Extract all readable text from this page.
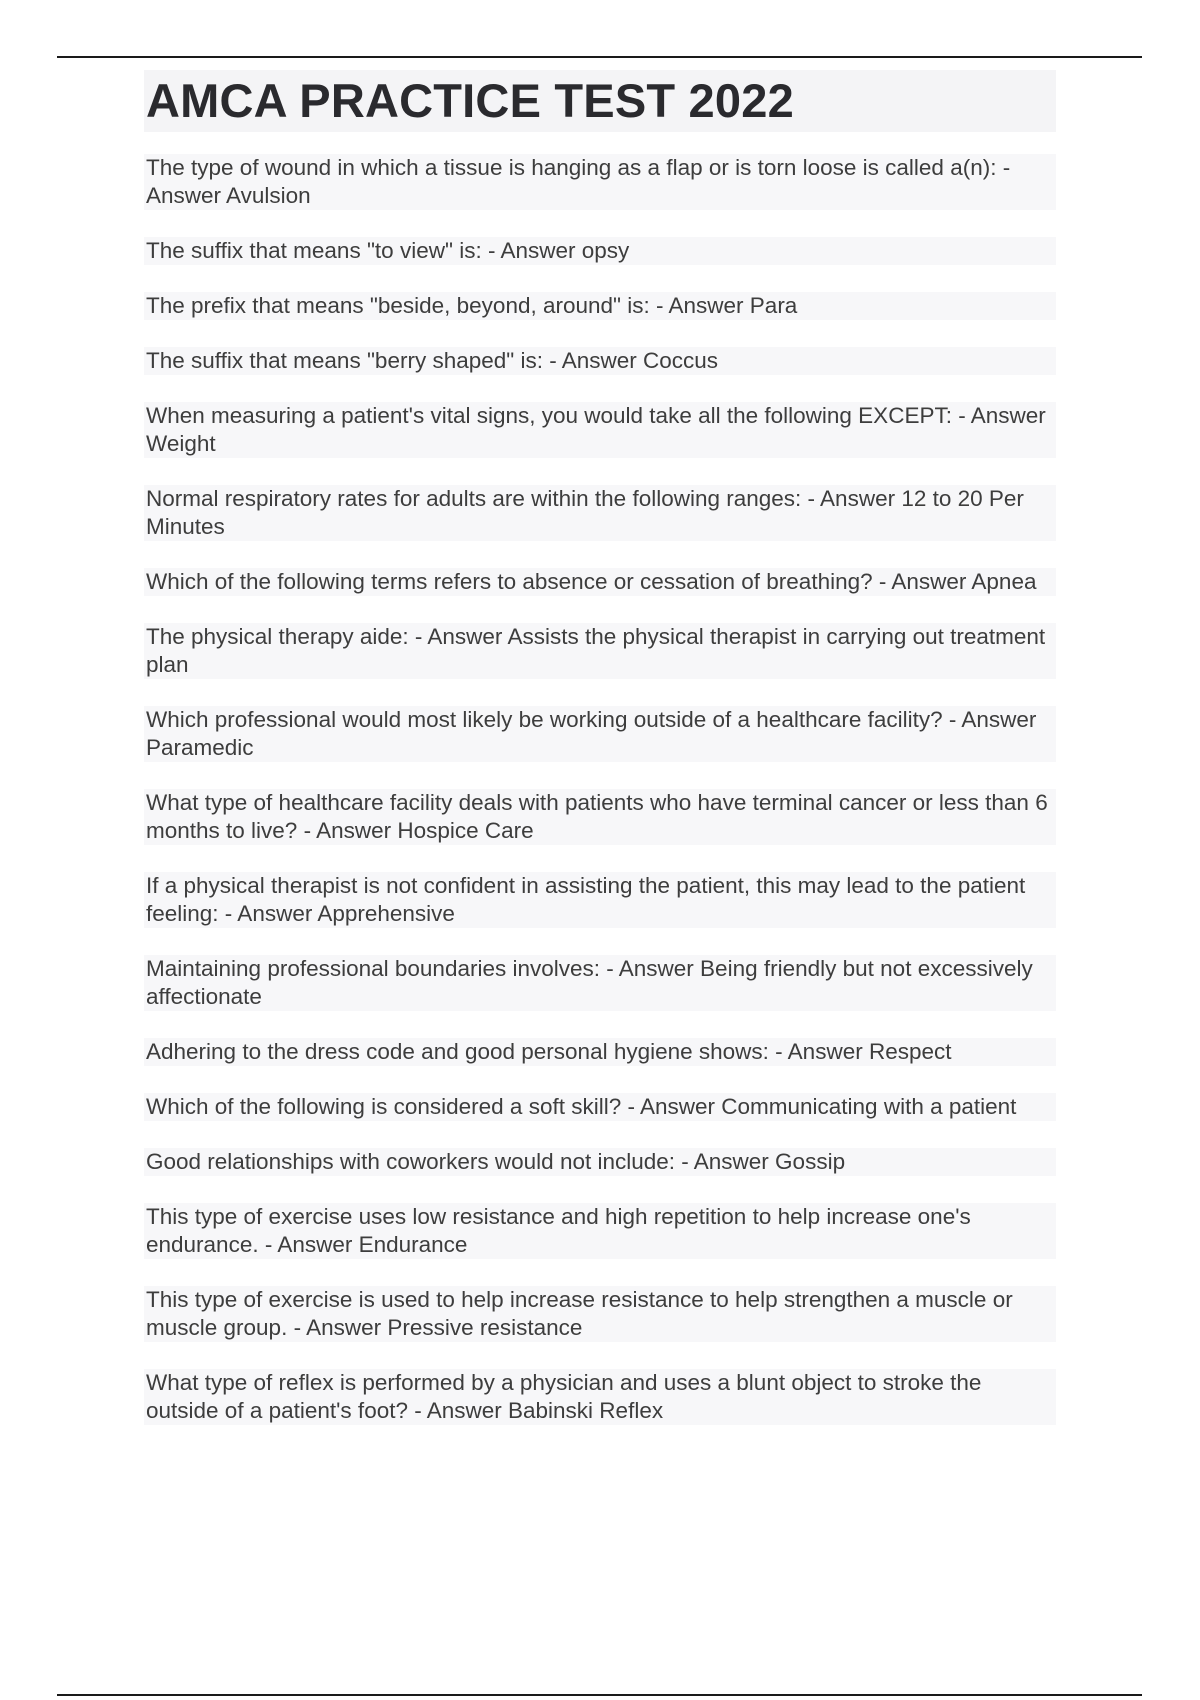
AMCA PRACTICE TEST 2022
The type of wound in which a tissue is hanging as a flap or is torn loose is called a(n): - Answer Avulsion
The suffix that means "to view" is: - Answer opsy
The prefix that means "beside, beyond, around" is: - Answer Para
The suffix that means "berry shaped" is: - Answer Coccus
When measuring a patient's vital signs, you would take all the following EXCEPT: - Answer Weight
Normal respiratory rates for adults are within the following ranges: - Answer 12 to 20 Per Minutes
Which of the following terms refers to absence or cessation of breathing? - Answer Apnea
The physical therapy aide: - Answer Assists the physical therapist in carrying out treatment plan
Which professional would most likely be working outside of a healthcare facility? - Answer Paramedic
What type of healthcare facility deals with patients who have terminal cancer or less than 6 months to live? - Answer Hospice Care
If a physical therapist is not confident in assisting the patient, this may lead to the patient feeling: - Answer Apprehensive
Maintaining professional boundaries involves: - Answer Being friendly but not excessively affectionate
Adhering to the dress code and good personal hygiene shows: - Answer Respect
Which of the following is considered a soft skill? - Answer Communicating with a patient
Good relationships with coworkers would not include: - Answer Gossip
This type of exercise uses low resistance and high repetition to help increase one's endurance. - Answer Endurance
This type of exercise is used to help increase resistance to help strengthen a muscle or muscle group. - Answer Pressive resistance
What type of reflex is performed by a physician and uses a blunt object to stroke the outside of a patient's foot? - Answer Babinski Reflex
